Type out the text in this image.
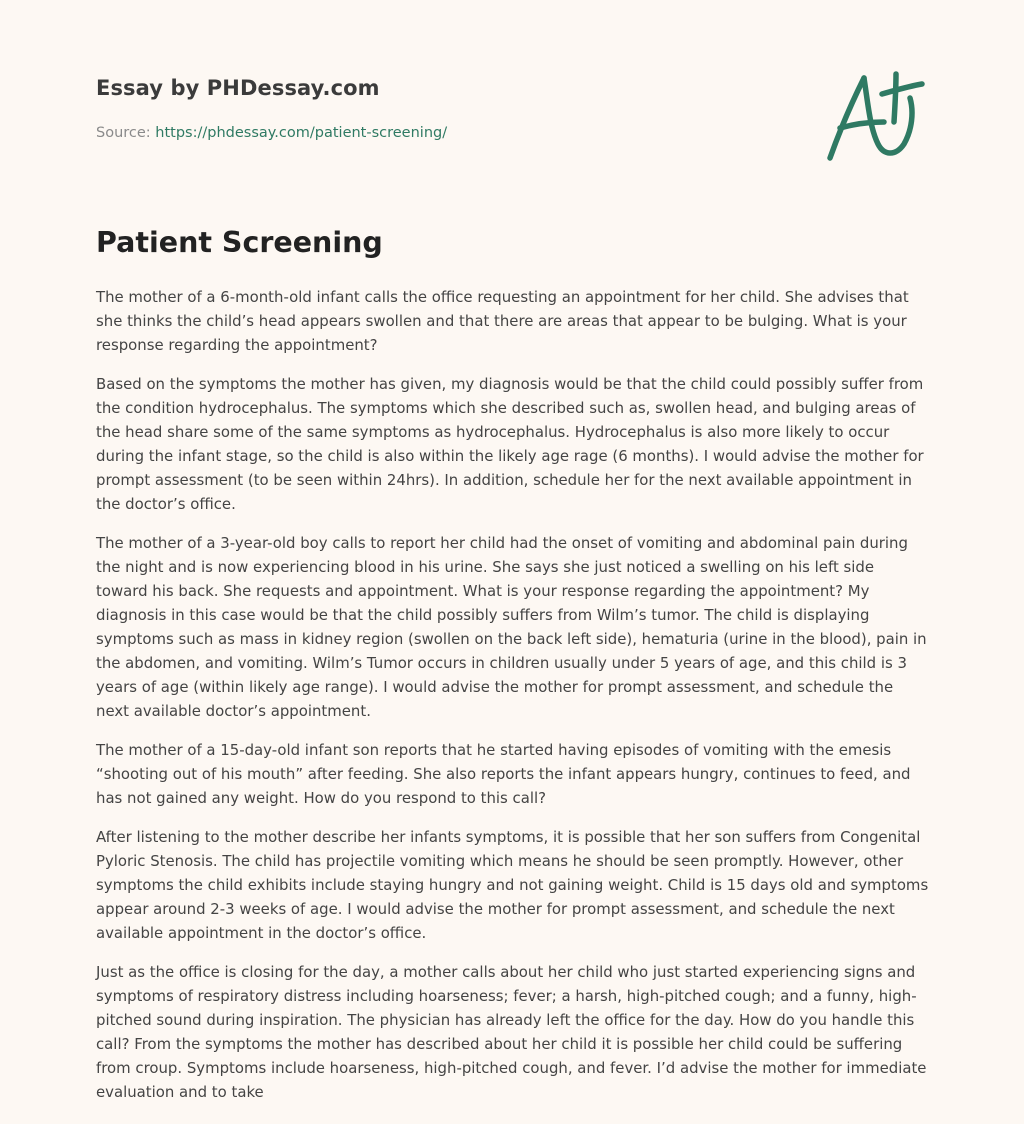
Essay by PHDessay.com
Source: https://phdessay.com/patient-screening/
Patient Screening

The mother of a 6-month-old infant calls the office requesting an appointment for her child. She advises that she thinks the child’s head appears swollen and that there are areas that appear to be bulging. What is your response regarding the appointment?

Based on the symptoms the mother has given, my diagnosis would be that the child could possibly suffer from the condition hydrocephalus. The symptoms which she described such as, swollen head, and bulging areas of the head share some of the same symptoms as hydrocephalus. Hydrocephalus is also more likely to occur during the infant stage, so the child is also within the likely age rage (6 months). I would advise the mother for prompt assessment (to be seen within 24hrs). In addition, schedule her for the next available appointment in the doctor’s office.

The mother of a 3-year-old boy calls to report her child had the onset of vomiting and abdominal pain during the night and is now experiencing blood in his urine. She says she just noticed a swelling on his left side toward his back. She requests and appointment. What is your response regarding the appointment? My diagnosis in this case would be that the child possibly suffers from Wilm’s tumor. The child is displaying symptoms such as mass in kidney region (swollen on the back left side), hematuria (urine in the blood), pain in the abdomen, and vomiting. Wilm’s Tumor occurs in children usually under 5 years of age, and this child is 3 years of age (within likely age range). I would advise the mother for prompt assessment, and schedule the next available doctor’s appointment.

The mother of a 15-day-old infant son reports that he started having episodes of vomiting with the emesis “shooting out of his mouth” after feeding. She also reports the infant appears hungry, continues to feed, and has not gained any weight. How do you respond to this call?

After listening to the mother describe her infants symptoms, it is possible that her son suffers from Congenital Pyloric Stenosis. The child has projectile vomiting which means he should be seen promptly. However, other symptoms the child exhibits include staying hungry and not gaining weight. Child is 15 days old and symptoms appear around 2-3 weeks of age. I would advise the mother for prompt assessment, and schedule the next available appointment in the doctor’s office.

Just as the office is closing for the day, a mother calls about her child who just started experiencing signs and symptoms of respiratory distress including hoarseness; fever; a harsh, high-pitched cough; and a funny, high-pitched sound during inspiration. The physician has already left the office for the day. How do you handle this call? From the symptoms the mother has described about her child it is possible her child could be suffering from croup. Symptoms include hoarseness, high-pitched cough, and fever. I’d advise the mother for immediate evaluation and to take
